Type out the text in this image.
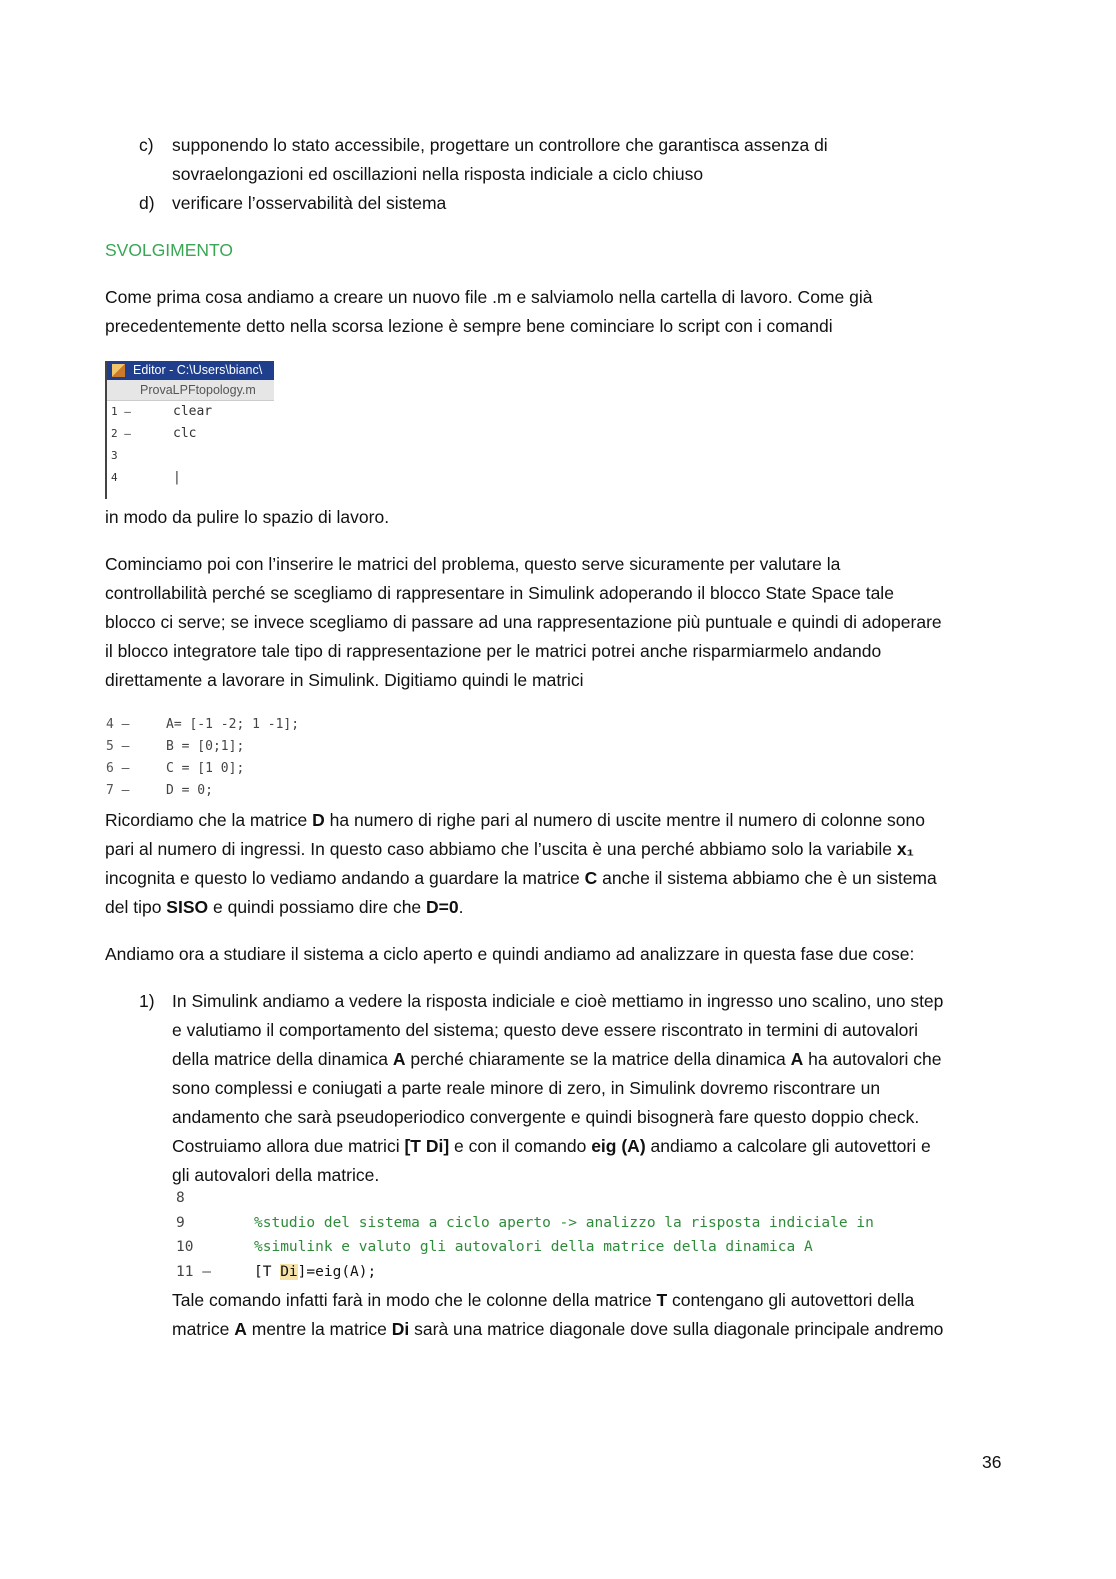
c) supponendo lo stato accessibile, progettare un controllore che garantisca assenza di
sovraelongazioni ed oscillazioni nella risposta indiciale a ciclo chiuso
d) verificare l’osservabilità del sistema
SVOLGIMENTO
Come prima cosa andiamo a creare un nuovo file .m e salviamolo nella cartella di lavoro. Come già
precedentemente detto nella scorsa lezione è sempre bene cominciare lo script con i comandi
Editor - C:\Users\bianc\
ProvaLPFtopology.m
1 –	clear
2 –	clc
3
4	|
in modo da pulire lo spazio di lavoro.
Cominciamo poi con l’inserire le matrici del problema, questo serve sicuramente per valutare la
controllabilità perché se scegliamo di rappresentare in Simulink adoperando il blocco State Space tale
blocco ci serve; se invece scegliamo di passare ad una rappresentazione più puntuale e quindi di adoperare
il blocco integratore tale tipo di rappresentazione per le matrici potrei anche risparmiarmelo andando
direttamente a lavorare in Simulink. Digitiamo quindi le matrici
4 –	A= [-1 -2; 1 -1];
5 –	B = [0;1];
6 –	C = [1 0];
7 –	D = 0;
Ricordiamo che la matrice D ha numero di righe pari al numero di uscite mentre il numero di colonne sono
pari al numero di ingressi. In questo caso abbiamo che l’uscita è una perché abbiamo solo la variabile x₁
incognita e questo lo vediamo andando a guardare la matrice C anche il sistema abbiamo che è un sistema
del tipo SISO e quindi possiamo dire che D=0.
Andiamo ora a studiare il sistema a ciclo aperto e quindi andiamo ad analizzare in questa fase due cose:
1) In Simulink andiamo a vedere la risposta indiciale e cioè mettiamo in ingresso uno scalino, uno step
e valutiamo il comportamento del sistema; questo deve essere riscontrato in termini di autovalori
della matrice della dinamica A perché chiaramente se la matrice della dinamica A ha autovalori che
sono complessi e coniugati a parte reale minore di zero, in Simulink dovremo riscontrare un
andamento che sarà pseudoperiodico convergente e quindi bisognerà fare questo doppio check.
Costruiamo allora due matrici [T Di] e con il comando eig (A) andiamo a calcolare gli autovettori e
gli autovalori della matrice.
8
9	%studio del sistema a ciclo aperto -> analizzo la risposta indiciale in
10	%simulink e valuto gli autovalori della matrice della dinamica A
11 –	[T Di]=eig(A);
Tale comando infatti farà in modo che le colonne della matrice T contengano gli autovettori della
matrice A mentre la matrice Di sarà una matrice diagonale dove sulla diagonale principale andremo
36
